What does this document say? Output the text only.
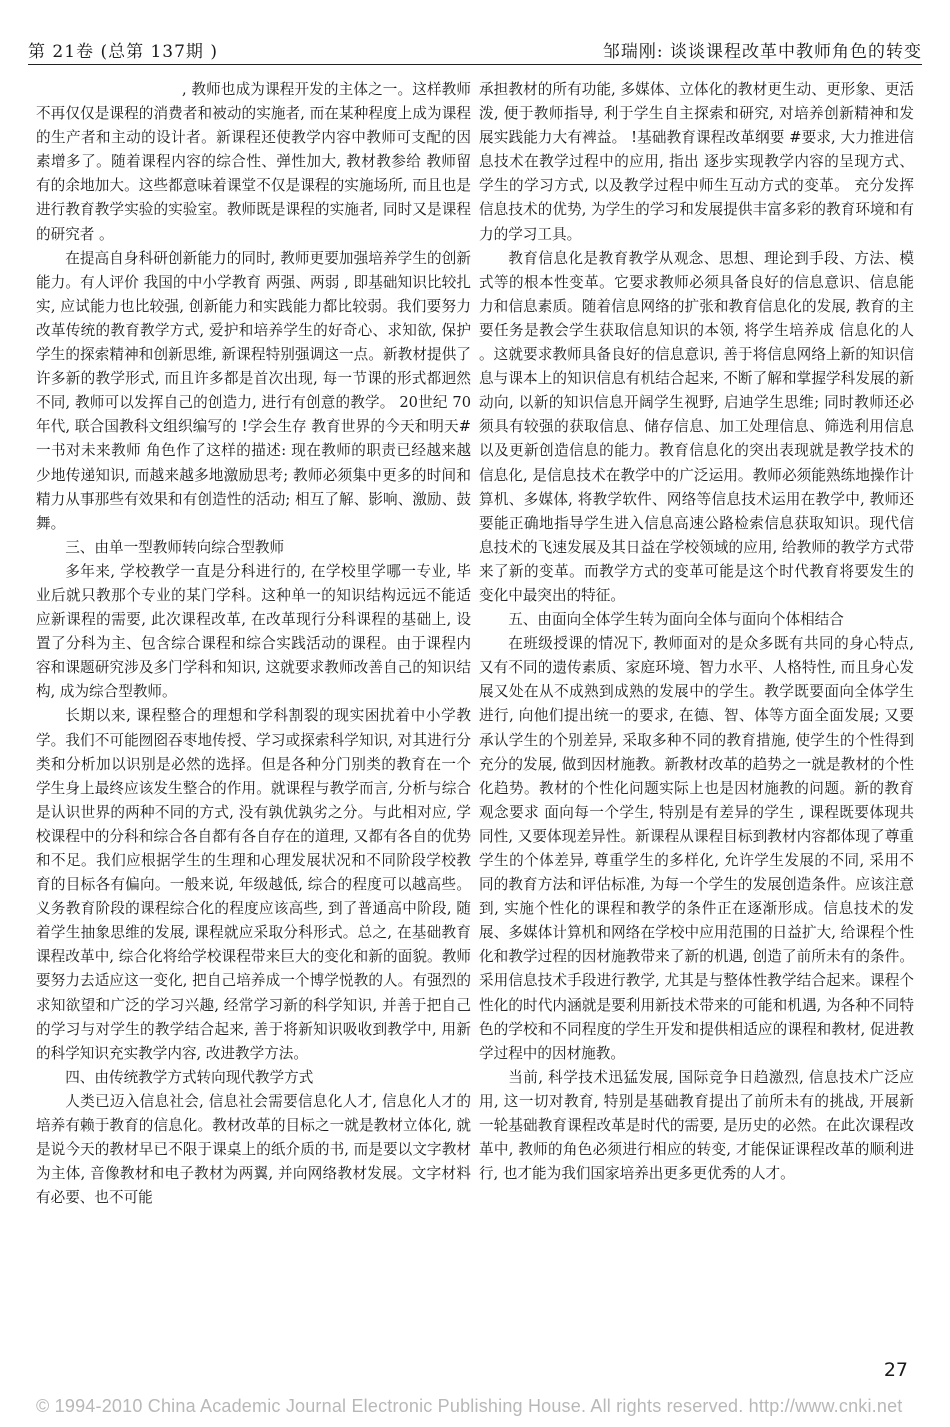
第 21卷 (总第 137期 )	邹瑞刚: 谈谈课程改革中教师角色的转变

, 教师也成为课程开发的主体之一。这样教师不再仅仅是课程的消费者和被动的实施者, 而在某种程度上成为课程的生产者和主动的设计者。新课程还使教学内容中教师可支配的因素增多了。随着课程内容的综合性、弹性加大, 教材教参给 教师留有的余地加大。这些都意味着课堂不仅是课程的实施场所, 而且也是进行教育教学实验的实验室。教师既是课程的实施者, 同时又是课程的研究者 。

在提高自身科研创新能力的同时, 教师更要加强培养学生的创新能力。有人评价 我国的中小学教育 两强、两弱 , 即基础知识比较扎实, 应试能力也比较强, 创新能力和实践能力都比较弱。我们要努力改革传统的教育教学方式, 爱护和培养学生的好奇心、求知欲, 保护学生的探索精神和创新思维, 新课程特别强调这一点。新教材提供了许多新的教学形式, 而且许多都是首次出现, 每一节课的形式都迥然不同, 教师可以发挥自己的创造力, 进行有创意的教学。 20世纪 70年代, 联合国教科文组织编写的 !学会生存 教育世界的今天和明天#一书对未来教师 角色作了这样的描述: 现在教师的职责已经越来越少地传递知识, 而越来越多地激励思考; 教师必须集中更多的时间和精力从事那些有效果和有创造性的活动; 相互了解、影响、激励、鼓舞。

三、由单一型教师转向综合型教师

多年来, 学校教学一直是分科进行的, 在学校里学哪一专业, 毕业后就只教那个专业的某门学科。这种单一的知识结构远远不能适应新课程的需要, 此次课程改革, 在改革现行分科课程的基础上, 设置了分科为主、包含综合课程和综合实践活动的课程。由于课程内容和课题研究涉及多门学科和知识, 这就要求教师改善自己的知识结构, 成为综合型教师。

长期以来, 课程整合的理想和学科割裂的现实困扰着中小学教学。我们不可能囫囵吞枣地传授、学习或探索科学知识, 对其进行分类和分析加以识别是必然的选择。但是各种分门别类的教育在一个学生身上最终应该发生整合的作用。就课程与教学而言, 分析与综合是认识世界的两种不同的方式, 没有孰优孰劣之分。与此相对应, 学校课程中的分科和综合各自都有各自存在的道理, 又都有各自的优势和不足。我们应根据学生的生理和心理发展状况和不同阶段学校教育的目标各有偏向。一般来说, 年级越低, 综合的程度可以越高些。义务教育阶段的课程综合化的程度应该高些, 到了普通高中阶段, 随着学生抽象思维的发展, 课程就应采取分科形式。总之, 在基础教育课程改革中, 综合化将给学校课程带来巨大的变化和新的面貌。教师要努力去适应这一变化, 把自己培养成一个博学悦教的人。有强烈的求知欲望和广泛的学习兴趣, 经常学习新的科学知识, 并善于把自己的学习与对学生的教学结合起来, 善于将新知识吸收到教学中, 用新的科学知识充实教学内容, 改进教学方法。

四、由传统教学方式转向现代教学方式

人类已迈入信息社会, 信息社会需要信息化人才, 信息化人才的培养有赖于教育的信息化。教材改革的目标之一就是教材立体化, 就是说今天的教材早已不限于课桌上的纸介质的书, 而是要以文字教材为主体, 音像教材和电子教材为两翼, 并向网络教材发展。文字材料有必要、也不可能

承担教材的所有功能, 多媒体、立体化的教材更生动、更形象、更活泼, 便于教师指导, 利于学生自主探索和研究, 对培养创新精神和发展实践能力大有裨益。 !基础教育课程改革纲要 #要求, 大力推进信息技术在教学过程中的应用, 指出 逐步实现教学内容的呈现方式、学生的学习方式, 以及教学过程中师生互动方式的变革。 充分发挥信息技术的优势, 为学生的学习和发展提供丰富多彩的教育环境和有力的学习工具。

教育信息化是教育教学从观念、思想、理论到手段、方法、模式等的根本性变革。它要求教师必须具备良好的信息意识、信息能力和信息素质。随着信息网络的扩张和教育信息化的发展, 教育的主要任务是教会学生获取信息知识的本领, 将学生培养成 信息化的人 。这就要求教师具备良好的信息意识, 善于将信息网络上新的知识信息与课本上的知识信息有机结合起来, 不断了解和掌握学科发展的新动向, 以新的知识信息开阔学生视野, 启迪学生思维; 同时教师还必须具有较强的获取信息、储存信息、加工处理信息、筛选利用信息以及更新创造信息的能力。教育信息化的突出表现就是教学技术的信息化, 是信息技术在教学中的广泛运用。教师必须能熟练地操作计算机、多媒体, 将教学软件、网络等信息技术运用在教学中, 教师还要能正确地指导学生进入信息高速公路检索信息获取知识。现代信息技术的飞速发展及其日益在学校领域的应用, 给教师的教学方式带来了新的变革。而教学方式的变革可能是这个时代教育将要发生的变化中最突出的特征。

五、由面向全体学生转为面向全体与面向个体相结合

在班级授课的情况下, 教师面对的是众多既有共同的身心特点, 又有不同的遗传素质、家庭环境、智力水平、人格特性, 而且身心发展又处在从不成熟到成熟的发展中的学生。教学既要面向全体学生进行, 向他们提出统一的要求, 在德、智、体等方面全面发展; 又要承认学生的个别差异, 采取多种不同的教育措施, 使学生的个性得到充分的发展, 做到因材施教。新教材改革的趋势之一就是教材的个性化趋势。教材的个性化问题实际上也是因材施教的问题。新的教育观念要求 面向每一个学生, 特别是有差异的学生 , 课程既要体现共同性, 又要体现差异性。新课程从课程目标到教材内容都体现了尊重学生的个体差异, 尊重学生的多样化, 允许学生发展的不同, 采用不同的教育方法和评估标准, 为每一个学生的发展创造条件。应该注意到, 实施个性化的课程和教学的条件正在逐渐形成。信息技术的发展、多媒体计算机和网络在学校中应用范围的日益扩大, 给课程个性化和教学过程的因材施教带来了新的机遇, 创造了前所未有的条件。采用信息技术手段进行教学, 尤其是与整体性教学结合起来。课程个性化的时代内涵就是要利用新技术带来的可能和机遇, 为各种不同特色的学校和不同程度的学生开发和提供相适应的课程和教材, 促进教学过程中的因材施教。

当前, 科学技术迅猛发展, 国际竞争日趋激烈, 信息技术广泛应用, 这一切对教育, 特别是基础教育提出了前所未有的挑战, 开展新一轮基础教育课程改革是时代的需要, 是历史的必然。在此次课程改革中, 教师的角色必须进行相应的转变, 才能保证课程改革的顺利进行, 也才能为我们国家培养出更多更优秀的人才。

27
© 1994-2010 China Academic Journal Electronic Publishing House. All rights reserved. http://www.cnki.net
